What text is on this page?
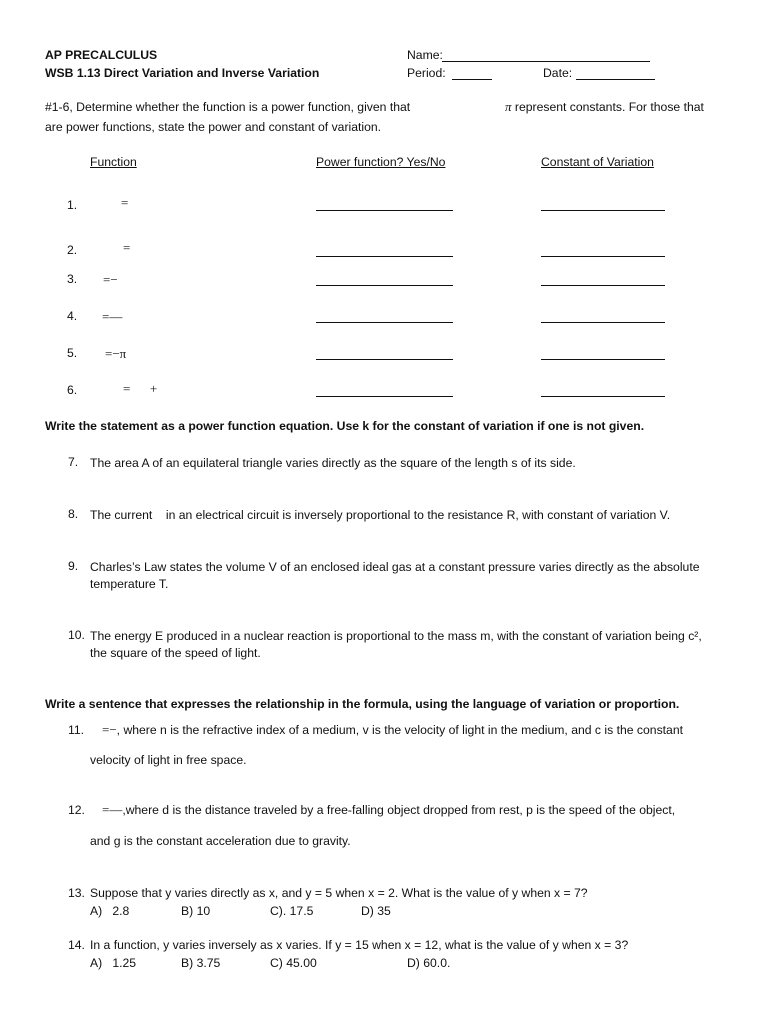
AP PRECALCULUS
WSB 1.13 Direct Variation and Inverse Variation
Name:
Period:	Date:
#1-6, Determine whether the function is a power function, given that	π represent constants. For those that
are power functions, state the power and constant of variation.
Function	Power function? Yes/No	Constant of Variation
1.	=
2.	=
3. =−
4. =—
5. =−π
6.	=      +
Write the statement as a power function equation. Use k for the constant of variation if one is not given.
7. The area A of an equilateral triangle varies directly as the square of the length s of its side.
8. The current    in an electrical circuit is inversely proportional to the resistance R, with constant of variation V.
9. Charles’s Law states the volume V of an enclosed ideal gas at a constant pressure varies directly as the absolute temperature T.
10. The energy E produced in a nuclear reaction is proportional to the mass m, with the constant of variation being c², the square of the speed of light.
Write a sentence that expresses the relationship in the formula, using the language of variation or proportion.
11. =−, where n is the refractive index of a medium, v is the velocity of light in the medium, and c is the constant
velocity of light in free space.
12. =—,where d is the distance traveled by a free-falling object dropped from rest, p is the speed of the object,
and g is the constant acceleration due to gravity.
13. Suppose that y varies directly as x, and y = 5 when x = 2. What is the value of y when x = 7?
A)   2.8	B) 10	C). 17.5	D) 35
14. In a function, y varies inversely as x varies. If y = 15 when x = 12, what is the value of y when x = 3?
A)   1.25	B) 3.75	C) 45.00	D) 60.0.
